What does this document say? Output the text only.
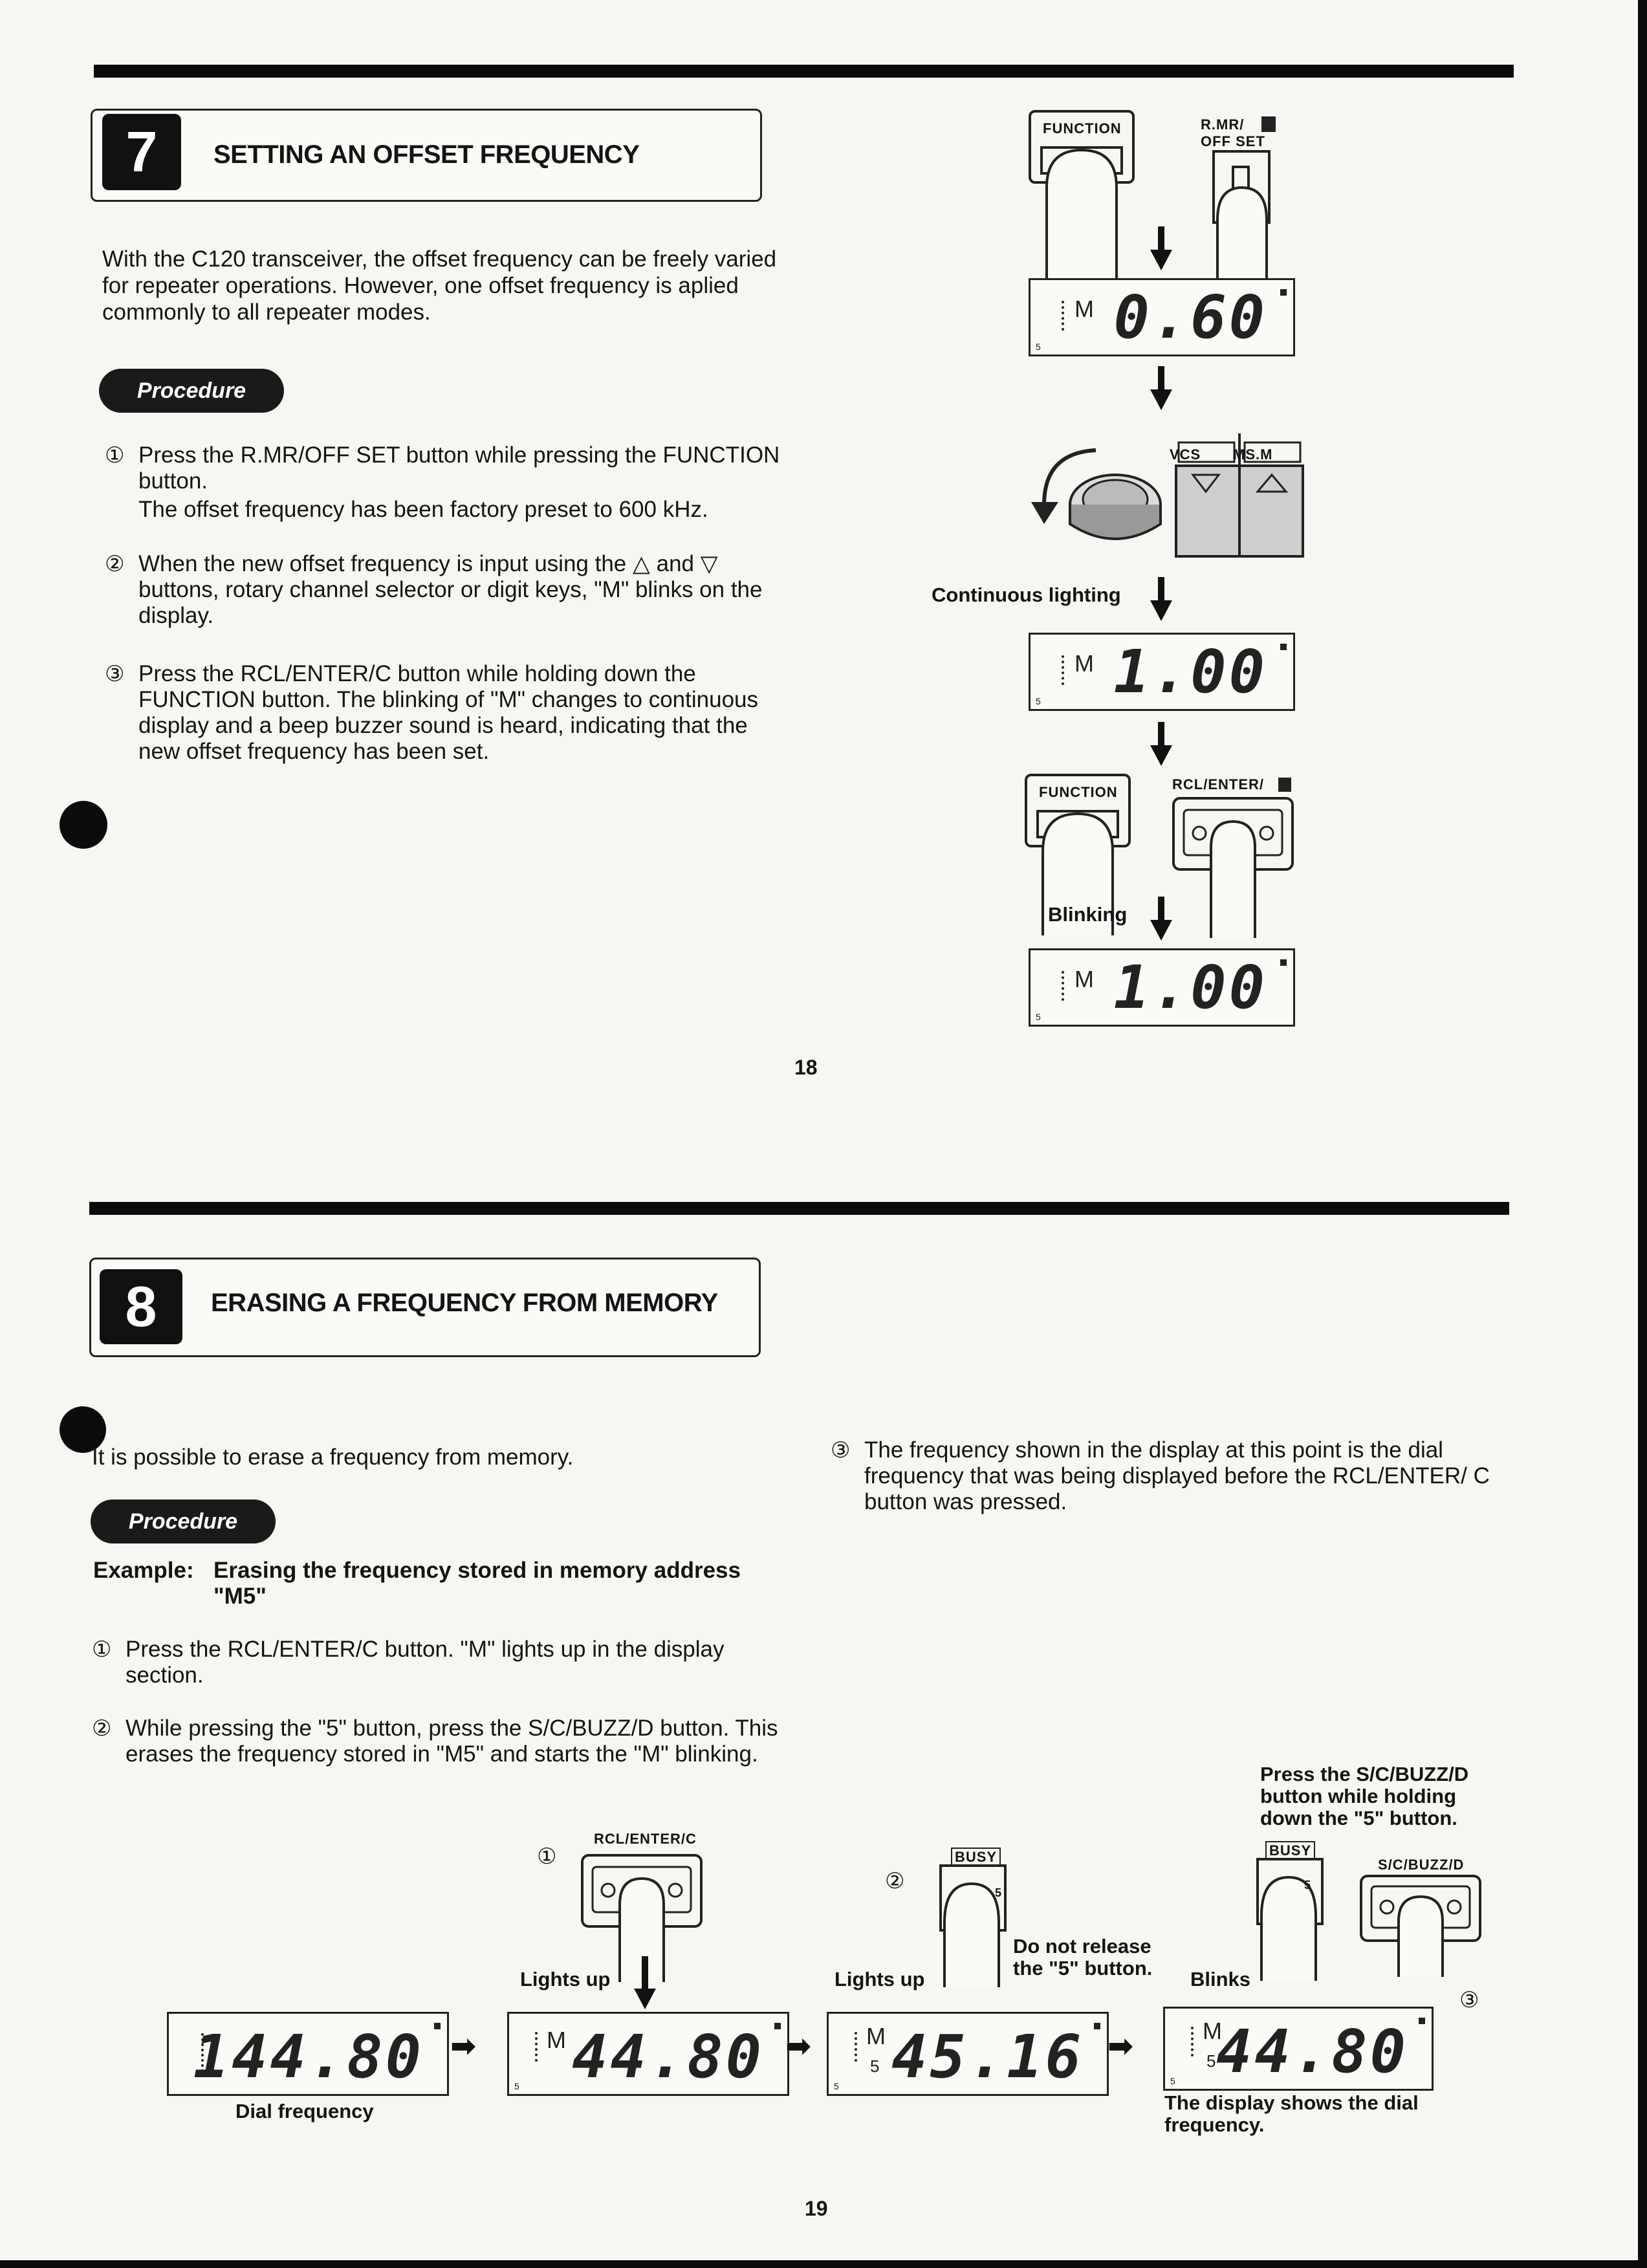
7 SETTING AN OFFSET FREQUENCY
With the C120 transceiver, the offset frequency can be freely varied for repeater operations. However, one offset frequency is aplied commonly to all repeater modes.
Procedure
① Press the R.MR/OFF SET button while pressing the FUNCTION button.
The offset frequency has been factory preset to 600 kHz.
② When the new offset frequency is input using the △ and ▽ buttons, rotary channel selector or digit keys, "M" blinks on the display.
③ Press the RCL/ENTER/C button while holding down the FUNCTION button. The blinking of "M" changes to continuous display and a beep buzzer sound is heard, indicating that the new offset frequency has been set.
FUNCTION	R.MR/
OFF SET
M
5 0.60
VCS MS.M
Continuous lighting
M
5 1.00
FUNCTION	RCL/ENTER/
Blinking
M
5 1.00
18
8 ERASING A FREQUENCY FROM MEMORY
It is possible to erase a frequency from memory.
Procedure
Example: Erasing the frequency stored in memory address "M5"
① Press the RCL/ENTER/C button. "M" lights up in the display section.
② While pressing the "5" button, press the S/C/BUZZ/D button. This erases the frequency stored in "M5" and starts the "M" blinking.
③ The frequency shown in the display at this point is the dial frequency that was being displayed before the RCL/ENTER/ C button was pressed.
Press the S/C/BUZZ/D button while holding down the "5" button.
①
RCL/ENTER/C
②
BUSY
5
BUSY
5
S/C/BUZZ/D
Lights up	Lights up
Do not release the "5" button.	Blinks
③
144.80 ➡	M
5 44.80 ➡ M
5
5 45.16 ➡	M
5
5 44.80
Dial frequency	The display shows the dial frequency.
19
